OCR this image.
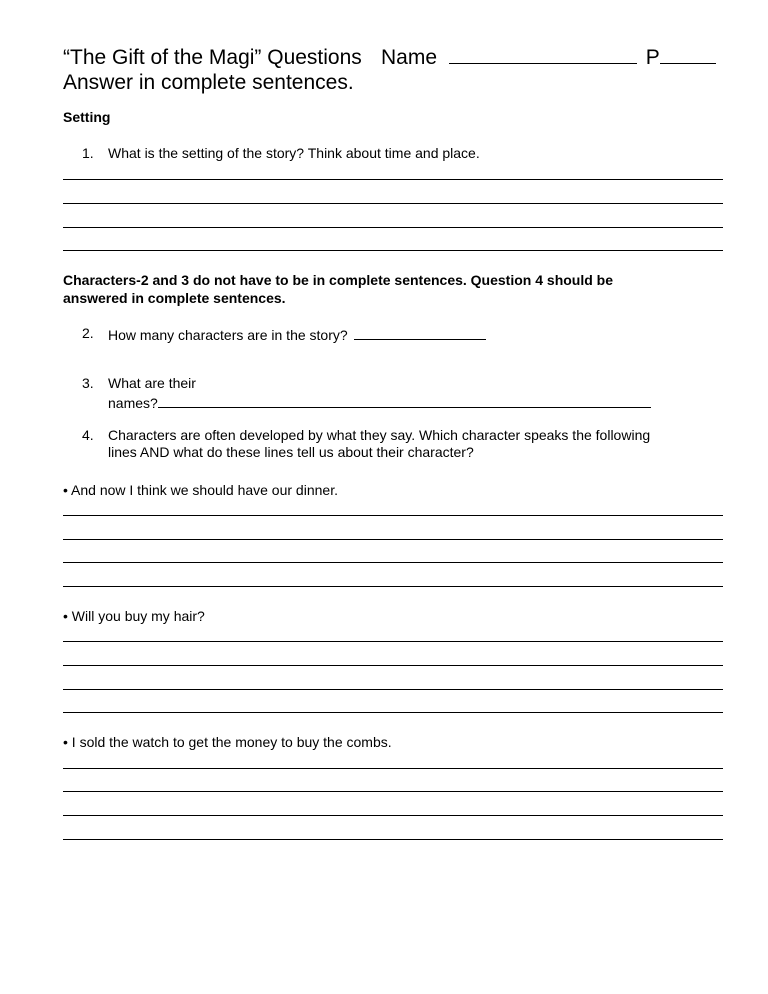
“The Gift of the Magi” Questions
Answer in complete sentences.
Name	P
Setting
1. What is the setting of the story? Think about time and place.
Characters-2 and 3 do not have to be in complete sentences. Question 4 should be
answered in complete sentences.
2. How many characters are in the story?
3. What are their
names?
4. Characters are often developed by what they say. Which character speaks the following
lines AND what do these lines tell us about their character?
• And now I think we should have our dinner.
• Will you buy my hair?
• I sold the watch to get the money to buy the combs.
